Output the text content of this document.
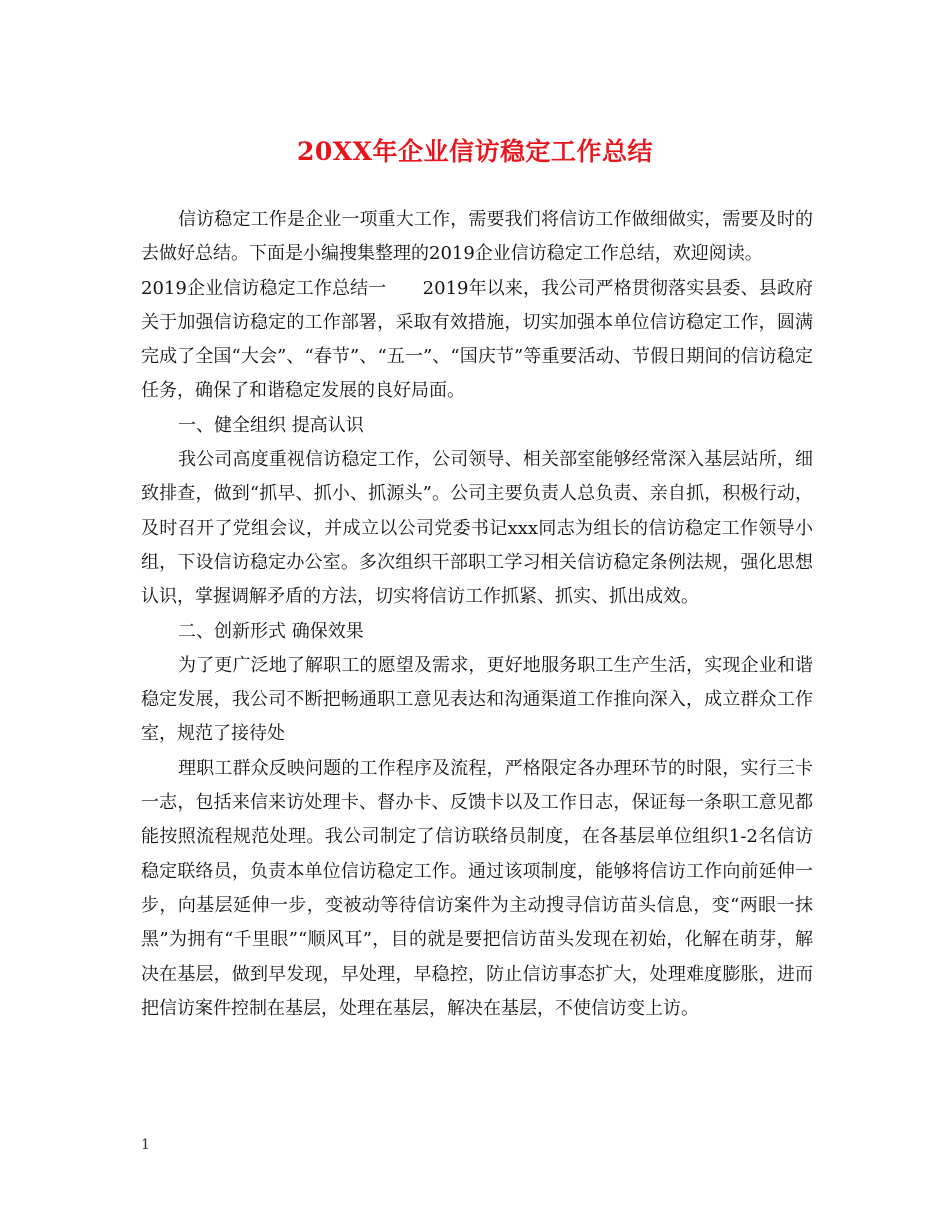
20XX年企业信访稳定工作总结

信访稳定工作是企业一项重大工作，需要我们将信访工作做细做实，需要及时的去做好总结。下面是小编搜集整理的2019企业信访稳定工作总结，欢迎阅读。

2019企业信访稳定工作总结一　　2019年以来，我公司严格贯彻落实县委、县政府关于加强信访稳定的工作部署，采取有效措施，切实加强本单位信访稳定工作，圆满完成了全国“大会”、“春节”、“五一”、“国庆节”等重要活动、节假日期间的信访稳定任务，确保了和谐稳定发展的良好局面。

一、健全组织 提高认识

我公司高度重视信访稳定工作，公司领导、相关部室能够经常深入基层站所，细致排查，做到“抓早、抓小、抓源头”。公司主要负责人总负责、亲自抓，积极行动，及时召开了党组会议，并成立以公司党委书记xxx同志为组长的信访稳定工作领导小组，下设信访稳定办公室。多次组织干部职工学习相关信访稳定条例法规，强化思想认识，掌握调解矛盾的方法，切实将信访工作抓紧、抓实、抓出成效。

二、创新形式 确保效果

为了更广泛地了解职工的愿望及需求，更好地服务职工生产生活，实现企业和谐稳定发展，我公司不断把畅通职工意见表达和沟通渠道工作推向深入，成立群众工作室，规范了接待处

理职工群众反映问题的工作程序及流程，严格限定各办理环节的时限，实行三卡一志，包括来信来访处理卡、督办卡、反馈卡以及工作日志，保证每一条职工意见都能按照流程规范处理。我公司制定了信访联络员制度，在各基层单位组织1-2名信访稳定联络员，负责本单位信访稳定工作。通过该项制度，能够将信访工作向前延伸一步，向基层延伸一步，变被动等待信访案件为主动搜寻信访苗头信息，变“两眼一抹黑”为拥有“千里眼”“顺风耳”，目的就是要把信访苗头发现在初始，化解在萌芽，解决在基层，做到早发现，早处理，早稳控，防止信访事态扩大，处理难度膨胀，进而把信访案件控制在基层，处理在基层，解决在基层，不使信访变上访。

1
